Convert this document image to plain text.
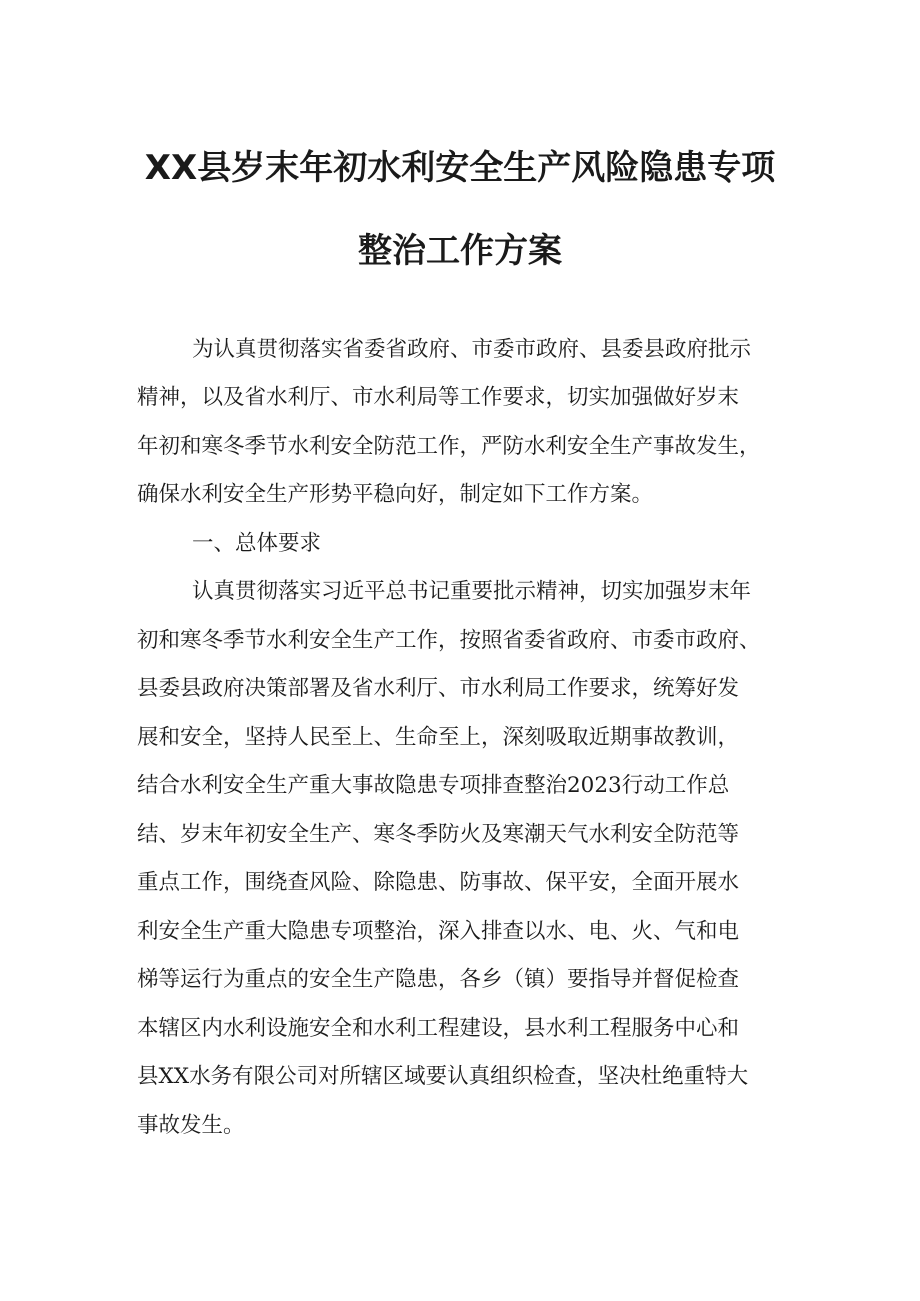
XX县岁末年初水利安全生产风险隐患专项
整治工作方案
为认真贯彻落实省委省政府、市委市政府、县委县政府批示
精神，以及省水利厅、市水利局等工作要求，切实加强做好岁末
年初和寒冬季节水利安全防范工作，严防水利安全生产事故发生，
确保水利安全生产形势平稳向好，制定如下工作方案。
一、总体要求
认真贯彻落实习近平总书记重要批示精神，切实加强岁末年
初和寒冬季节水利安全生产工作，按照省委省政府、市委市政府、
县委县政府决策部署及省水利厅、市水利局工作要求，统筹好发
展和安全，坚持人民至上、生命至上，深刻吸取近期事故教训，
结合水利安全生产重大事故隐患专项排查整治2023行动工作总
结、岁末年初安全生产、寒冬季防火及寒潮天气水利安全防范等
重点工作，围绕查风险、除隐患、防事故、保平安，全面开展水
利安全生产重大隐患专项整治，深入排查以水、电、火、气和电
梯等运行为重点的安全生产隐患，各乡（镇）要指导并督促检查
本辖区内水利设施安全和水利工程建设，县水利工程服务中心和
县XX水务有限公司对所辖区域要认真组织检查，坚决杜绝重特大
事故发生。
